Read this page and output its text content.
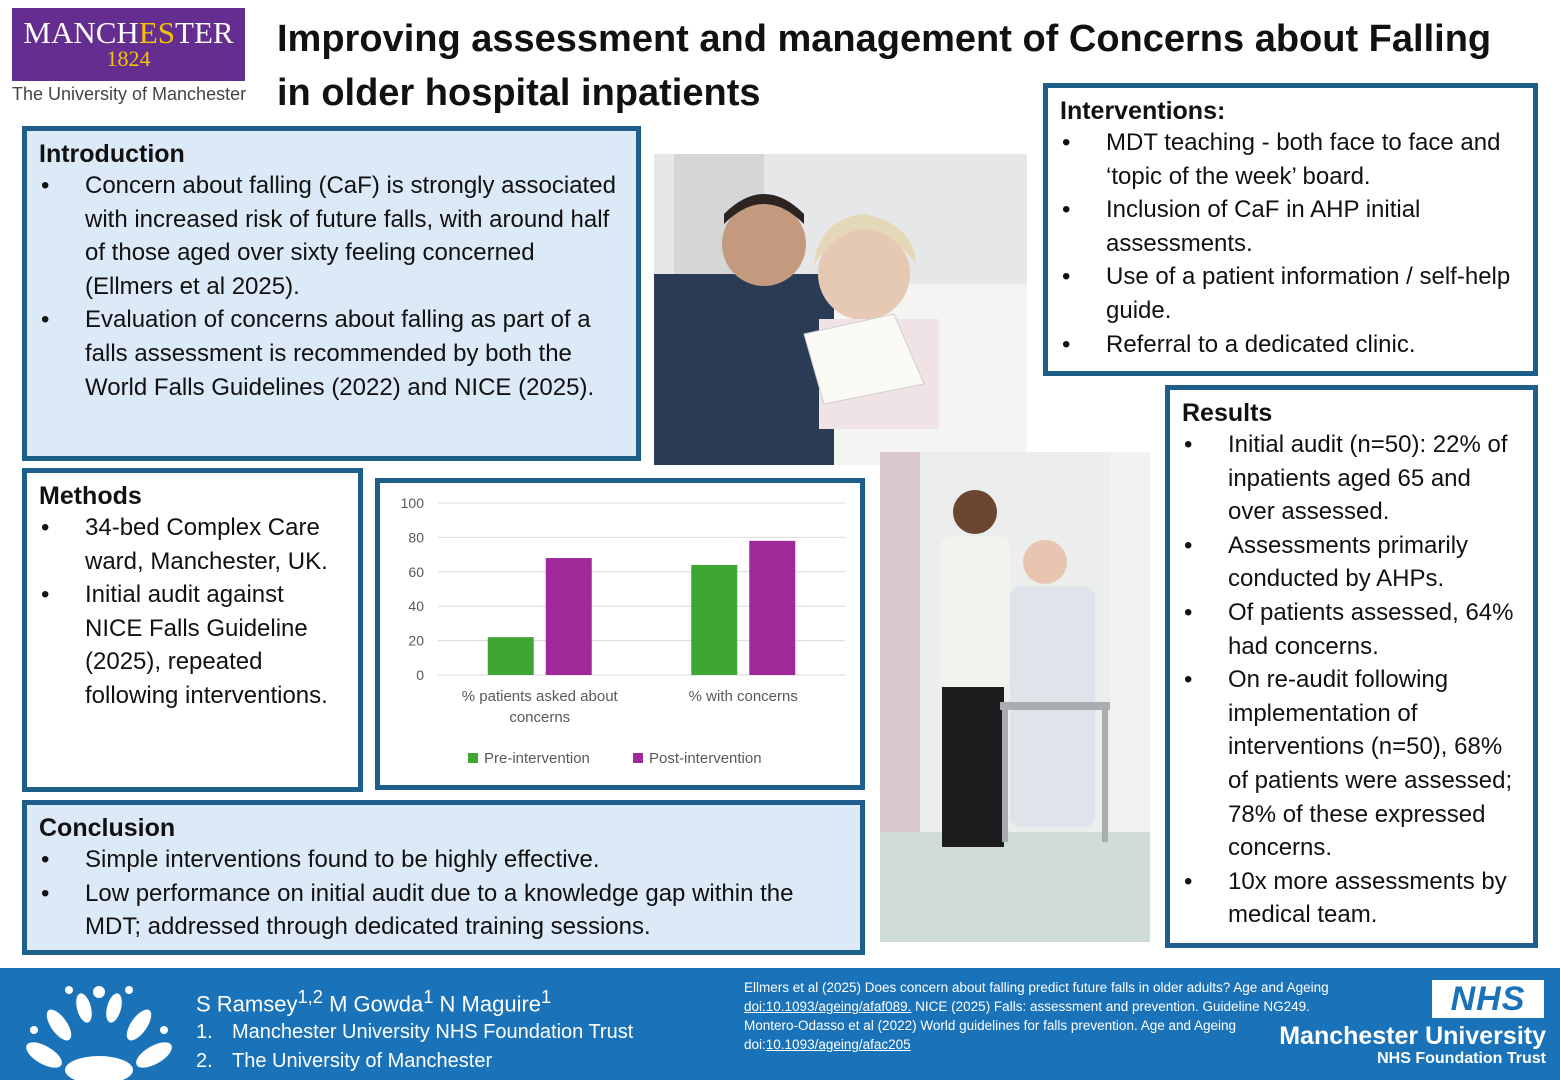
MANCHESTER
1824
The University of Manchester
Improving assessment and management of Concerns about Falling in older hospital inpatients
Introduction
• Concern about falling (CaF) is strongly associated with increased risk of future falls, with around half of those aged over sixty feeling concerned (Ellmers et al 2025).
• Evaluation of concerns about falling as part of a falls assessment is recommended by both the World Falls Guidelines (2022) and NICE (2025).
Interventions:
• MDT teaching - both face to face and ‘topic of the week’ board.
• Inclusion of CaF in AHP initial assessments.
• Use of a patient information / self-help guide.
• Referral to a dedicated clinic.
Methods
• 34-bed Complex Care ward, Manchester, UK.
• Initial audit against NICE Falls Guideline (2025), repeated following interventions.
0
20
40
60
80
100
% patients asked about
concerns
% with concerns
Pre-intervention	Post-intervention
Results
• Initial audit (n=50): 22% of inpatients aged 65 and over assessed.
• Assessments primarily conducted by AHPs.
• Of patients assessed, 64% had concerns.
• On re-audit following implementation of interventions (n=50), 68% of patients were assessed; 78% of these expressed concerns.
• 10x more assessments by medical team.
Conclusion
• Simple interventions found to be highly effective.
• Low performance on initial audit due to a knowledge gap within the MDT; addressed through dedicated training sessions.
S Ramsey$^{1,2}$ M Gowda$^1$ N Maguire$^1$
1. Manchester University NHS Foundation Trust
2. The University of Manchester
Ellmers et al (2025) Does concern about falling predict future falls in older adults? Age and Ageing doi:10.1093/ageing/afaf089. NICE (2025) Falls: assessment and prevention. Guideline NG249. Montero-Odasso et al (2022) World guidelines for falls prevention. Age and Ageing doi:10.1093/ageing/afac205
NHS
Manchester University
NHS Foundation Trust
